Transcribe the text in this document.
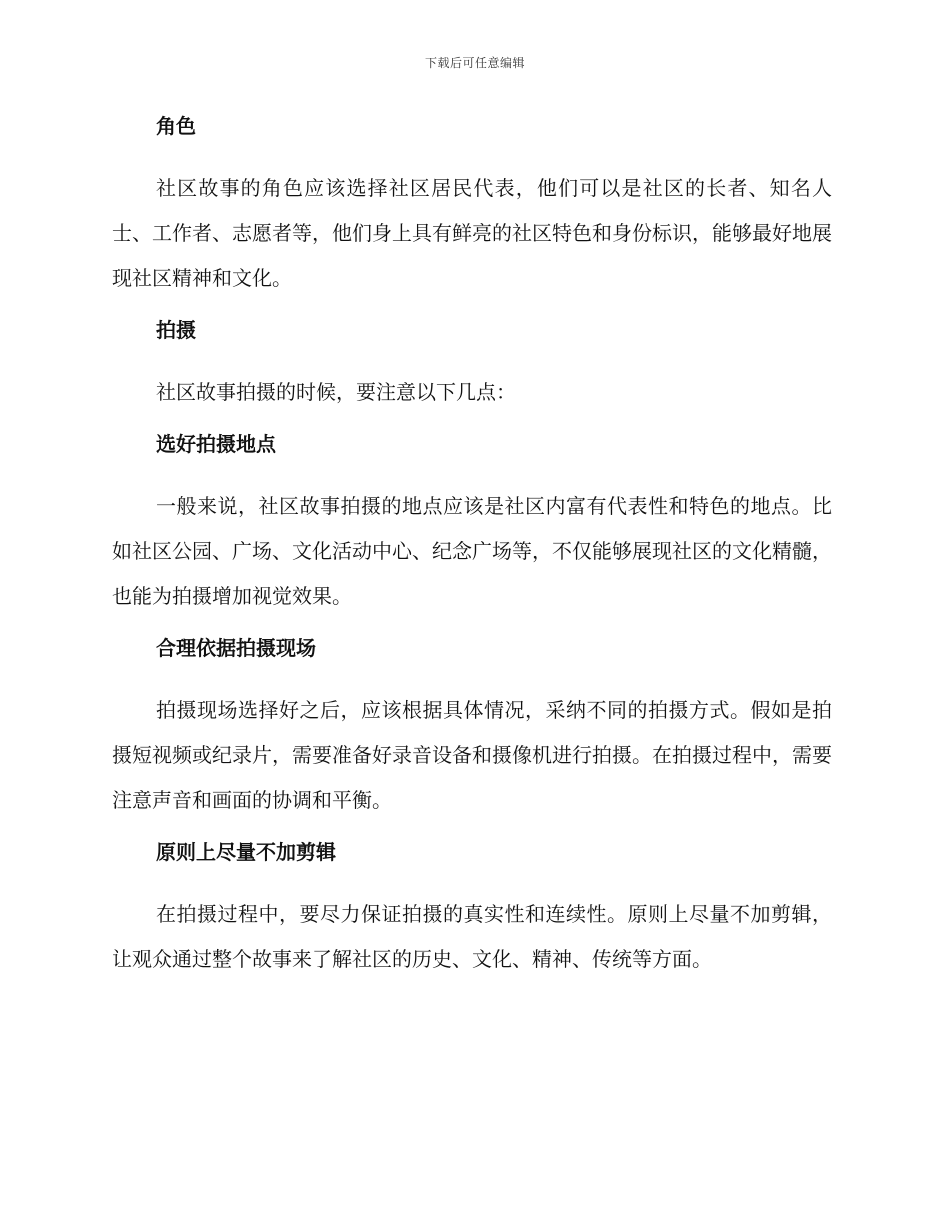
下载后可任意编辑
角色

社区故事的角色应该选择社区居民代表，他们可以是社区的长者、知名人士、工作者、志愿者等，他们身上具有鲜亮的社区特色和身份标识，能够最好地展现社区精神和文化。

拍摄

社区故事拍摄的时候，要注意以下几点：

选好拍摄地点

一般来说，社区故事拍摄的地点应该是社区内富有代表性和特色的地点。比如社区公园、广场、文化活动中心、纪念广场等，不仅能够展现社区的文化精髓，也能为拍摄增加视觉效果。

合理依据拍摄现场

拍摄现场选择好之后，应该根据具体情况，采纳不同的拍摄方式。假如是拍摄短视频或纪录片，需要准备好录音设备和摄像机进行拍摄。在拍摄过程中，需要注意声音和画面的协调和平衡。

原则上尽量不加剪辑

在拍摄过程中，要尽力保证拍摄的真实性和连续性。原则上尽量不加剪辑，让观众通过整个故事来了解社区的历史、文化、精神、传统等方面。
